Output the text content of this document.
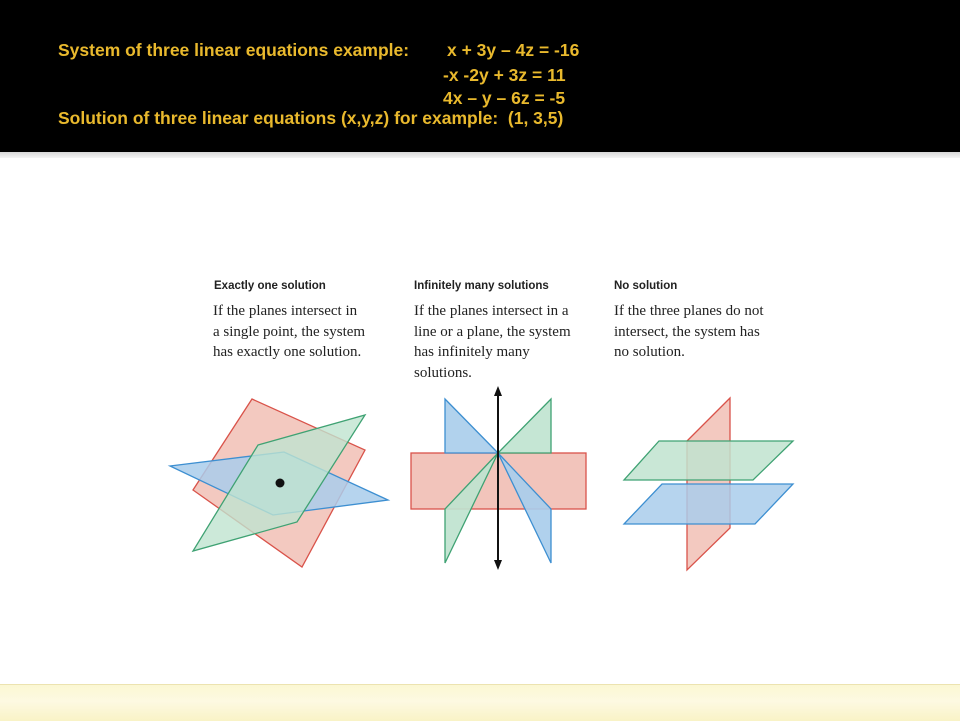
System of three linear equations example: x + 3y – 4z = -16
-x -2y + 3z = 11
4x – y – 6z = -5
Solution of three linear equations (x,y,z) for example:  (1, 3,5)
Exactly one solution
If the planes intersect in
a single point, the system
has exactly one solution.
Infinitely many solutions
If the planes intersect in a
line or a plane, the system
has infinitely many
solutions.
No solution
If the three planes do not
intersect, the system has
no solution.
